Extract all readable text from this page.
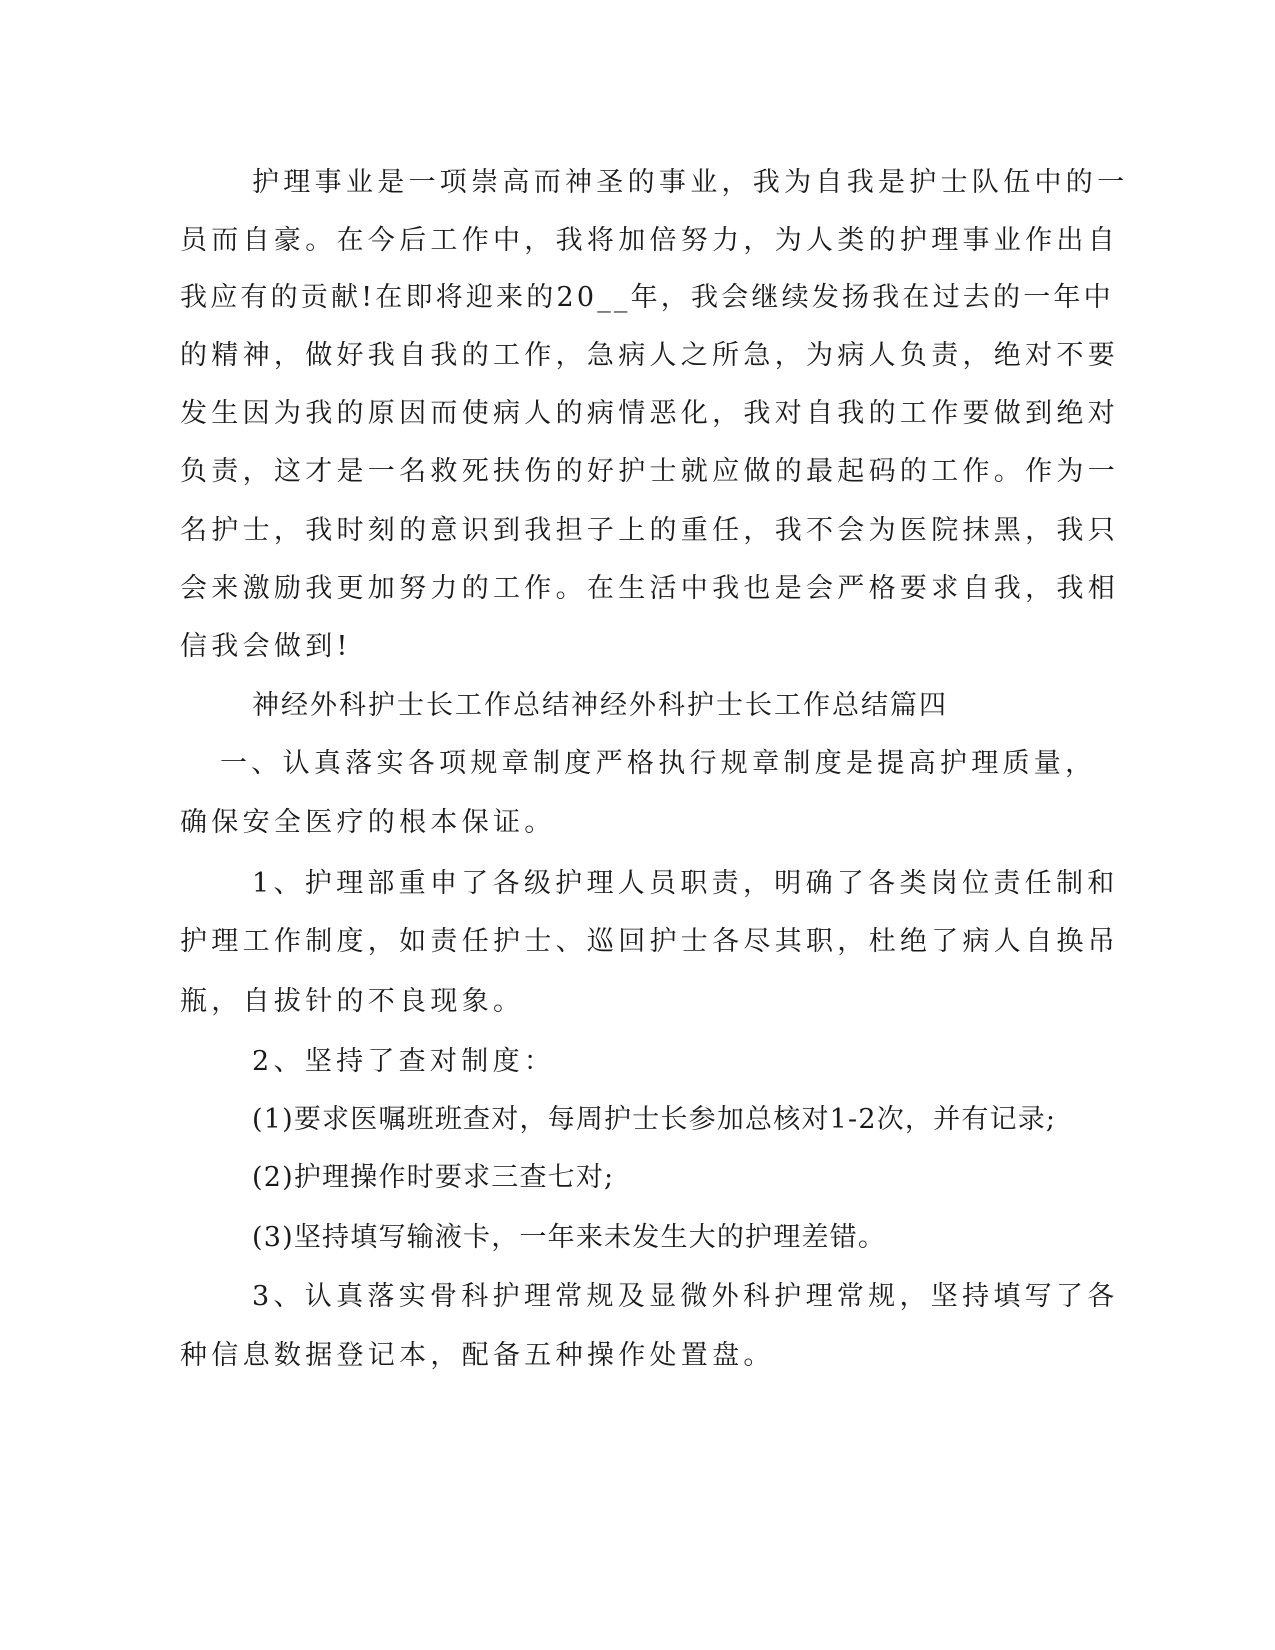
护理事业是一项崇高而神圣的事业，我为自我是护士队伍中的一
员而自豪。在今后工作中，我将加倍努力，为人类的护理事业作出自
我应有的贡献!在即将迎来的20__年，我会继续发扬我在过去的一年中
的精神，做好我自我的工作，急病人之所急，为病人负责，绝对不要
发生因为我的原因而使病人的病情恶化，我对自我的工作要做到绝对
负责，这才是一名救死扶伤的好护士就应做的最起码的工作。作为一
名护士，我时刻的意识到我担子上的重任，我不会为医院抹黑，我只
会来激励我更加努力的工作。在生活中我也是会严格要求自我，我相
信我会做到!
神经外科护士长工作总结神经外科护士长工作总结篇四
一、认真落实各项规章制度严格执行规章制度是提高护理质量，
确保安全医疗的根本保证。
1、护理部重申了各级护理人员职责，明确了各类岗位责任制和
护理工作制度，如责任护士、巡回护士各尽其职，杜绝了病人自换吊
瓶，自拔针的不良现象。
2、坚持了查对制度：
(1)要求医嘱班班查对，每周护士长参加总核对1-2次，并有记录;
(2)护理操作时要求三查七对;
(3)坚持填写输液卡，一年来未发生大的护理差错。
3、认真落实骨科护理常规及显微外科护理常规，坚持填写了各
种信息数据登记本，配备五种操作处置盘。
